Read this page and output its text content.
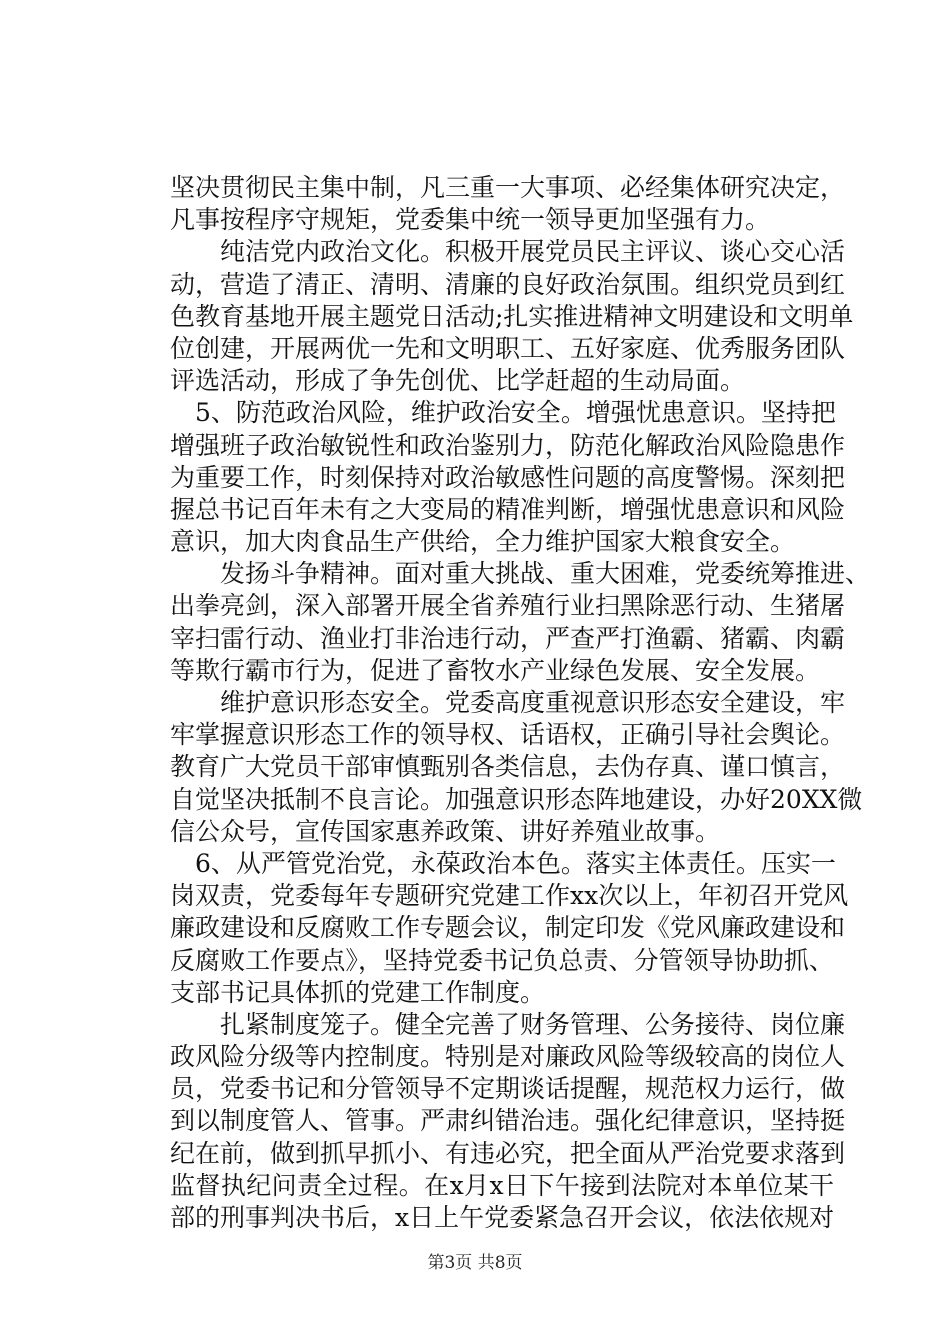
坚决贯彻民主集中制，凡三重一大事项、必经集体研究决定，
凡事按程序守规矩，党委集中统一领导更加坚强有力。
　　纯洁党内政治文化。积极开展党员民主评议、谈心交心活
动，营造了清正、清明、清廉的良好政治氛围。组织党员到红
色教育基地开展主题党日活动;扎实推进精神文明建设和文明单
位创建，开展两优一先和文明职工、五好家庭、优秀服务团队
评选活动，形成了争先创优、比学赶超的生动局面。
　5、防范政治风险，维护政治安全。增强忧患意识。坚持把
增强班子政治敏锐性和政治鉴别力，防范化解政治风险隐患作
为重要工作，时刻保持对政治敏感性问题的高度警惕。深刻把
握总书记百年未有之大变局的精准判断，增强忧患意识和风险
意识，加大肉食品生产供给，全力维护国家大粮食安全。
　　发扬斗争精神。面对重大挑战、重大困难，党委统筹推进、
出拳亮剑，深入部署开展全省养殖行业扫黑除恶行动、生猪屠
宰扫雷行动、渔业打非治违行动，严查严打渔霸、猪霸、肉霸
等欺行霸市行为，促进了畜牧水产业绿色发展、安全发展。
　　维护意识形态安全。党委高度重视意识形态安全建设，牢
牢掌握意识形态工作的领导权、话语权，正确引导社会舆论。
教育广大党员干部审慎甄别各类信息，去伪存真、谨口慎言，
自觉坚决抵制不良言论。加强意识形态阵地建设，办好20XX微
信公众号，宣传国家惠养政策、讲好养殖业故事。
　6、从严管党治党，永葆政治本色。落实主体责任。压实一
岗双责，党委每年专题研究党建工作xx次以上，年初召开党风
廉政建设和反腐败工作专题会议，制定印发《党风廉政建设和
反腐败工作要点》，坚持党委书记负总责、分管领导协助抓、
支部书记具体抓的党建工作制度。
　　扎紧制度笼子。健全完善了财务管理、公务接待、岗位廉
政风险分级等内控制度。特别是对廉政风险等级较高的岗位人
员，党委书记和分管领导不定期谈话提醒，规范权力运行，做
到以制度管人、管事。严肃纠错治违。强化纪律意识，坚持挺
纪在前，做到抓早抓小、有违必究，把全面从严治党要求落到
监督执纪问责全过程。在x月x日下午接到法院对本单位某干
部的刑事判决书后，x日上午党委紧急召开会议，依法依规对
第3页 共8页
